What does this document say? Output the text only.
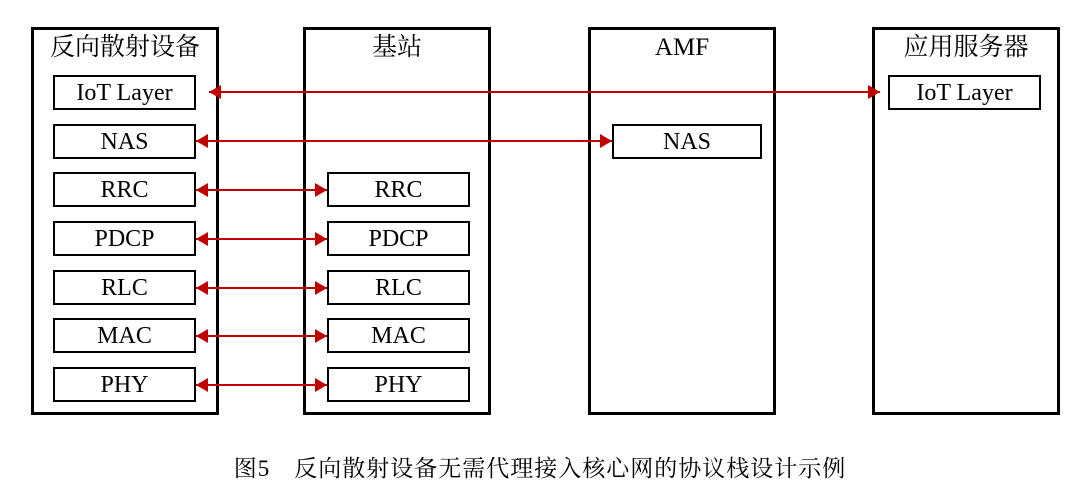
反向散射设备
IoT Layer
NAS
RRC
PDCP
RLC
MAC
PHY
基站
RRC
PDCP
RLC
MAC
PHY
AMF
NAS
应用服务器
IoT Layer
图5　反向散射设备无需代理接入核心网的协议栈设计示例
